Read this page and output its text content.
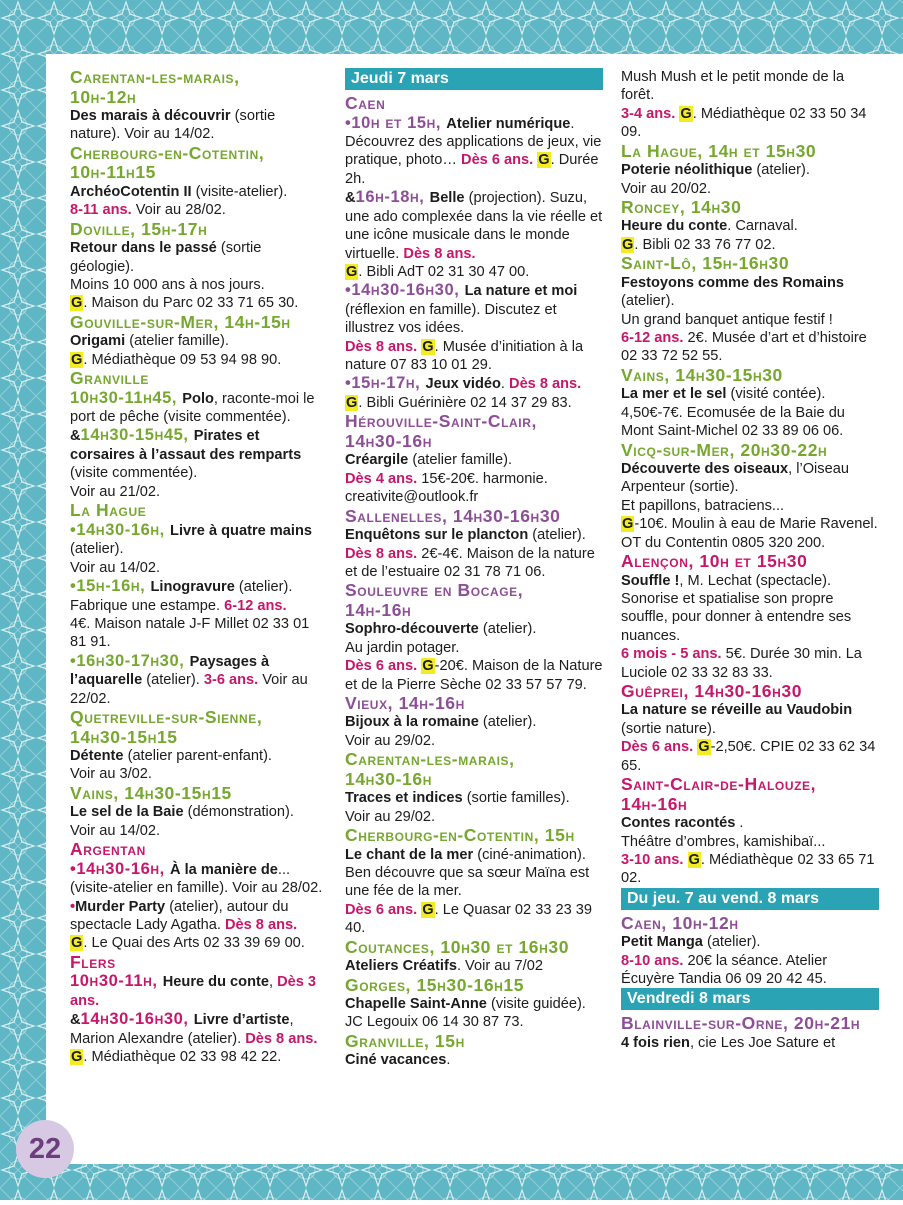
Carentan-les-marais,
10h-12h
Des marais à découvrir (sortie nature). Voir au 14/02.
Cherbourg-en-Cotentin,
10h-11h15
ArchéoCotentin II (visite-atelier).
8-11 ans. Voir au 28/02.
Doville, 15h-17h
Retour dans le passé (sortie géologie).
Moins 10 000 ans à nos jours.
G. Maison du Parc 02 33 71 65 30.
Gouville-sur-Mer, 14h-15h
Origami (atelier famille).
G. Médiathèque 09 53 94 98 90.
Granville
10h30-11h45, Polo, raconte-moi le port de pêche (visite commentée).
&14h30-15h45, Pirates et corsaires à l’assaut des remparts (visite commentée).
Voir au 21/02.
La Hague
•14h30-16h, Livre à quatre mains (atelier).
Voir au 14/02.
•15h-16h, Linogravure (atelier). Fabrique une estampe. 6-12 ans.
4€. Maison natale J-F Millet 02 33 01 81 91.
•16h30-17h30, Paysages à l’aquarelle (atelier). 3-6 ans. Voir au 22/02.
Quetreville-sur-Sienne,
14h30-15h15
Détente (atelier parent-enfant).
Voir au 3/02.
Vains, 14h30-15h15
Le sel de la Baie (démonstration).
Voir au 14/02.
Argentan
•14h30-16h, À la manière de... (visite-atelier en famille). Voir au 28/02.
•Murder Party (atelier), autour du spectacle Lady Agatha. Dès 8 ans.
G. Le Quai des Arts 02 33 39 69 00.
Flers
10h30-11h, Heure du conte, Dès 3 ans.
&14h30-16h30, Livre d’artiste, Marion Alexandre (atelier). Dès 8 ans.
G. Médiathèque 02 33 98 42 22.
Jeudi 7 mars
Caen
•10h et 15h, Atelier numérique. Découvrez des applications de jeux, vie pratique, photo… Dès 6 ans. G. Durée 2h.
&16h-18h, Belle (projection). Suzu, une ado complexée dans la vie réelle et une icône musicale dans le monde virtuelle. Dès 8 ans.
G. Bibli AdT 02 31 30 47 00.
•14h30-16h30, La nature et moi (réflexion en famille). Discutez et illustrez vos idées.
Dès 8 ans. G. Musée d’initiation à la nature 07 83 10 01 29.
•15h-17h, Jeux vidéo. Dès 8 ans.
G. Bibli Guérinière 02 14 37 29 83.
Hérouville-Saint-Clair,
14h30-16h
Créargile (atelier famille).
Dès 4 ans. 15€-20€. harmonie. creativite@outlook.fr
Sallenelles, 14h30-16h30
Enquêtons sur le plancton (atelier).
Dès 8 ans. 2€-4€. Maison de la nature et de l’estuaire 02 31 78 71 06.
Souleuvre en Bocage,
14h-16h
Sophro-découverte (atelier).
Au jardin potager.
Dès 6 ans. G-20€. Maison de la Nature et de la Pierre Sèche 02 33 57 57 79.
Vieux, 14h-16h
Bijoux à la romaine (atelier).
Voir au 29/02.
Carentan-les-marais,
14h30-16h
Traces et indices (sortie familles).
Voir au 29/02.
Cherbourg-en-Cotentin, 15h
Le chant de la mer (ciné-animation). Ben découvre que sa sœur Maïna est une fée de la mer.
Dès 6 ans. G. Le Quasar 02 33 23 39 40.
Coutances, 10h30 et 16h30
Ateliers Créatifs. Voir au 7/02
Gorges, 15h30-16h15
Chapelle Saint-Anne (visite guidée).
JC Legouix 06 14 30 87 73.
Granville, 15h
Ciné vacances.
Mush Mush et le petit monde de la forêt.
3-4 ans. G. Médiathèque 02 33 50 34 09.
La Hague, 14h et 15h30
Poterie néolithique (atelier).
Voir au 20/02.
Roncey, 14h30
Heure du conte. Carnaval.
G. Bibli 02 33 76 77 02.
Saint-Lô, 15h-16h30
Festoyons comme des Romains (atelier).
Un grand banquet antique festif !
6-12 ans. 2€. Musée d’art et d’histoire 02 33 72 52 55.
Vains, 14h30-15h30
La mer et le sel (visité contée).
4,50€-7€. Ecomusée de la Baie du Mont Saint-Michel 02 33 89 06 06.
Vicq-sur-Mer, 20h30-22h
Découverte des oiseaux, l’Oiseau Arpenteur (sortie).
Et papillons, batraciens...
G-10€. Moulin à eau de Marie Ravenel. OT du Contentin 0805 320 200.
Alençon, 10h et 15h30
Souffle !, M. Lechat (spectacle). Sonorise et spatialise son propre souffle, pour donner à entendre ses nuances.
6 mois - 5 ans. 5€. Durée 30 min. La Luciole 02 33 32 83 33.
Guêprei, 14h30-16h30
La nature se réveille au Vaudobin (sortie nature).
Dès 6 ans. G-2,50€. CPIE 02 33 62 34 65.
Saint-Clair-de-Halouze,
14h-16h
Contes racontés .
Théâtre d’ombres, kamishibaï...
3-10 ans. G. Médiathèque 02 33 65 71 02.
Du jeu. 7 au vend. 8 mars
Caen, 10h-12h
Petit Manga (atelier).
8-10 ans. 20€ la séance. Atelier Écuyère Tandia 06 09 20 42 45.
Vendredi 8 mars
Blainville-sur-Orne, 20h-21h
4 fois rien, cie Les Joe Sature et
22
